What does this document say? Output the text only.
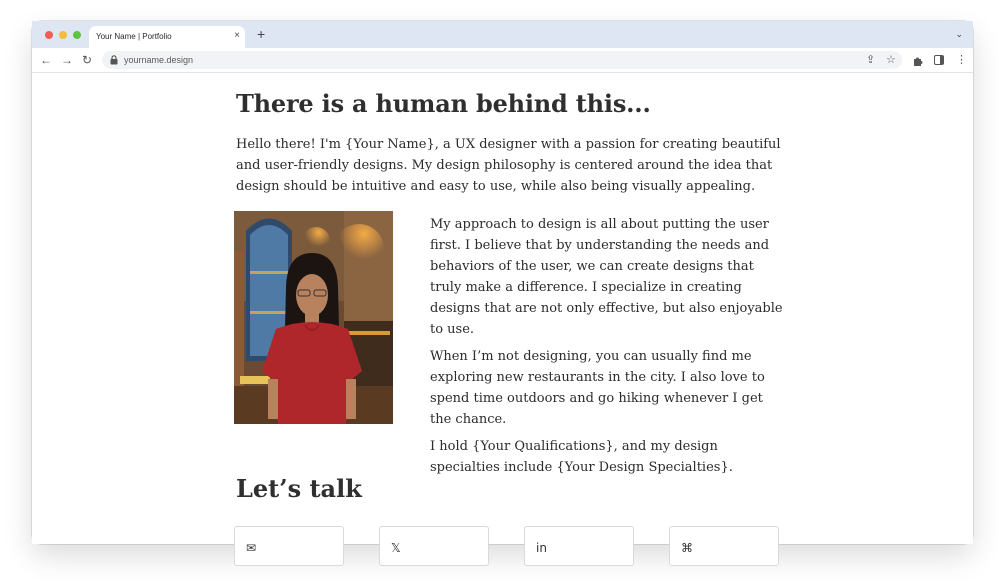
Your Name | Portfolio	× +	⌄
← → ↻	yourname.design	⇪ ☆	⋮
There is a human behind this...

Hello there! I'm {Your Name}, a UX designer with a passion for creating beautiful and user-friendly designs. My design philosophy is centered around the idea that design should be intuitive and easy to use, while also being visually appealing.

My approach to design is all about putting the user first. I believe that by understanding the needs and behaviors of the user, we can create designs that truly make a difference. I specialize in creating designs that are not only effective, but also enjoyable to use.

When I’m not designing, you can usually find me exploring new restaurants in the city. I also love to spend time outdoors and go hiking whenever I get the chance.

I hold {Your Qualifications}, and my design specialties include {Your Design Specialties}.

Let’s talk
✉	𝕏	in	⌘
